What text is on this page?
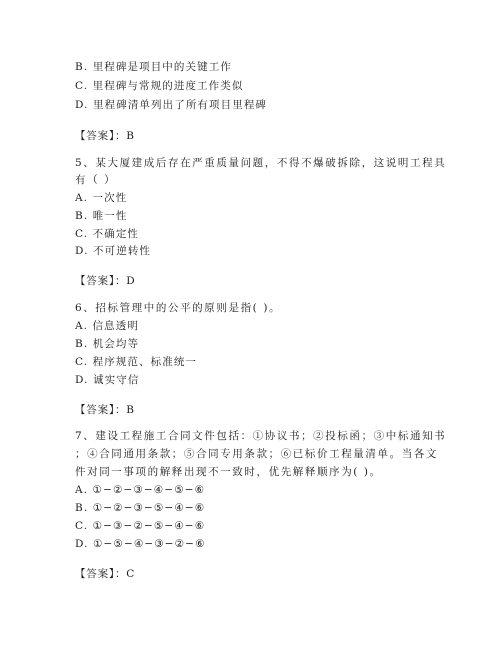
B. 里程碑是项目中的关键工作
C. 里程碑与常规的进度工作类似
D. 里程碑清单列出了所有项目里程碑
【答案】：B
5、某大厦建成后存在严重质量问题，不得不爆破拆除，这说明工程具
有（ ）
A. 一次性
B. 唯一性
C. 不确定性
D. 不可逆转性
【答案】：D
6、招标管理中的公平的原则是指( )。
A. 信息透明
B. 机会均等
C. 程序规范、标准统一
D. 诚实守信
【答案】：B
7、建设工程施工合同文件包括：①协议书；②投标函；③中标通知书
；④合同通用条款；⑤合同专用条款；⑥已标价工程量清单。当各文
件对同一事项的解释出现不一致时，优先解释顺序为( )。
A. ①−②−③−④−⑤−⑥
B. ①−②−③−⑤−④−⑥
C. ①−③−②−⑤−④−⑥
D. ①−⑤−④−③−②−⑥
【答案】：C
